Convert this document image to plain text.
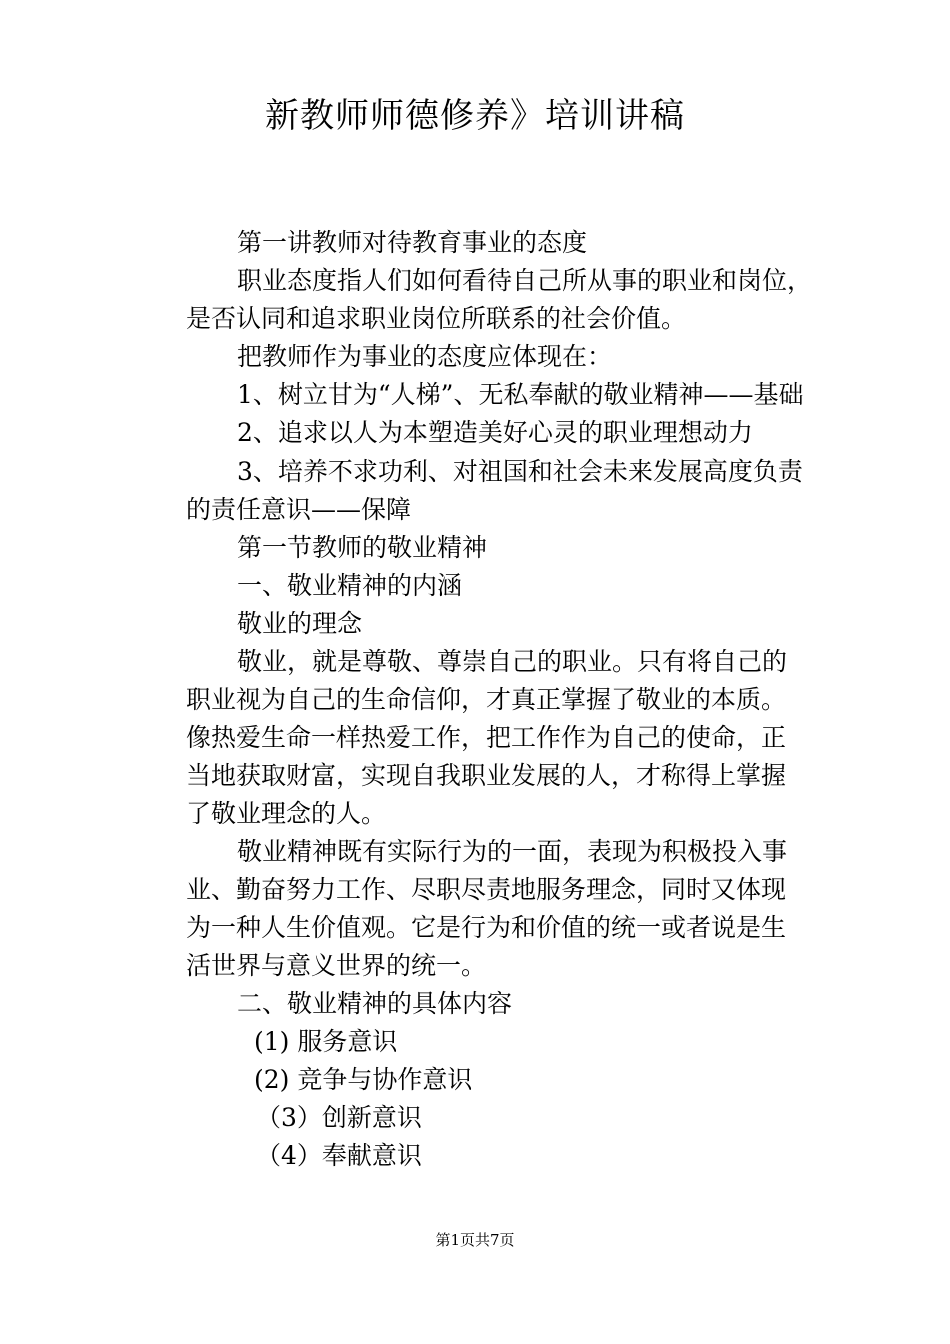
新教师师德修养》培训讲稿
第一讲教师对待教育事业的态度
职业态度指人们如何看待自己所从事的职业和岗位，
是否认同和追求职业岗位所联系的社会价值。
把教师作为事业的态度应体现在：
1、树立甘为“人梯”、无私奉献的敬业精神——基础
2、追求以人为本塑造美好心灵的职业理想动力
3、培养不求功利、对祖国和社会未来发展高度负责
的责任意识——保障
第一节教师的敬业精神
一、敬业精神的内涵
敬业的理念
敬业，就是尊敬、尊崇自己的职业。只有将自己的
职业视为自己的生命信仰，才真正掌握了敬业的本质。
像热爱生命一样热爱工作，把工作作为自己的使命，正
当地获取财富，实现自我职业发展的人，才称得上掌握
了敬业理念的人。
敬业精神既有实际行为的一面，表现为积极投入事
业、勤奋努力工作、尽职尽责地服务理念，同时又体现
为一种人生价值观。它是行为和价值的统一或者说是生
活世界与意义世界的统一。
二、敬业精神的具体内容
(1) 服务意识
(2) 竞争与协作意识
（3）创新意识
（4）奉献意识
第1页共7页
